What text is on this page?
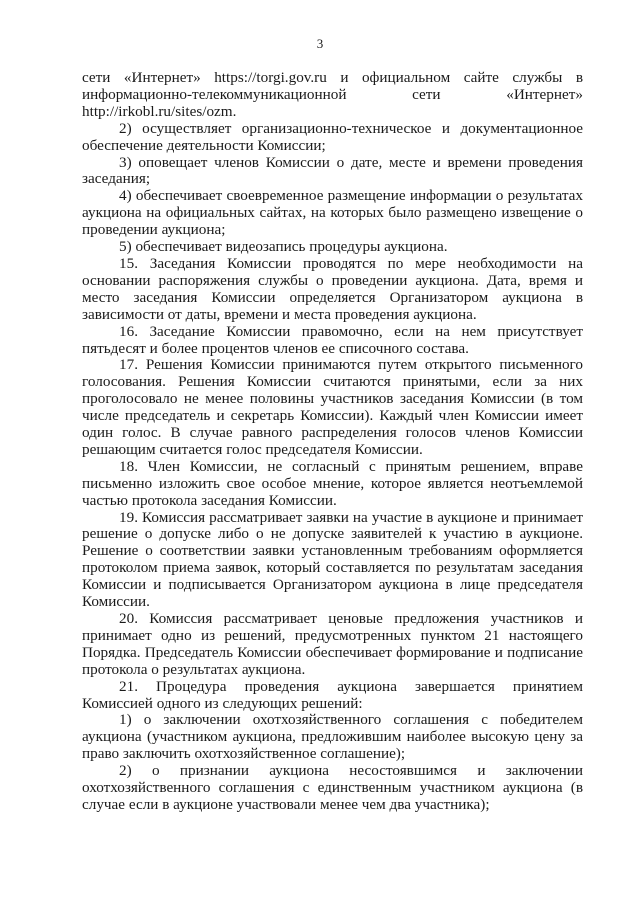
3

сети «Интернет» https://torgi.gov.ru и официальном сайте службы в информационно-телекоммуникационной сети «Интернет» http://irkobl.ru/sites/ozm.

2) осуществляет организационно-техническое и документационное обеспечение деятельности Комиссии;

3) оповещает членов Комиссии о дате, месте и времени проведения заседания;

4) обеспечивает своевременное размещение информации о результатах аукциона на официальных сайтах, на которых было размещено извещение о проведении аукциона;

5) обеспечивает видеозапись процедуры аукциона.

15. Заседания Комиссии проводятся по мере необходимости на основании распоряжения службы о проведении аукциона. Дата, время и место заседания Комиссии определяется Организатором аукциона в зависимости от даты, времени и места проведения аукциона.

16. Заседание Комиссии правомочно, если на нем присутствует пятьдесят и более процентов членов ее списочного состава.

17. Решения Комиссии принимаются путем открытого письменного голосования. Решения Комиссии считаются принятыми, если за них проголосовало не менее половины участников заседания Комиссии (в том числе председатель и секретарь Комиссии). Каждый член Комиссии имеет один голос. В случае равного распределения голосов членов Комиссии решающим считается голос председателя Комиссии.

18. Член Комиссии, не согласный с принятым решением, вправе письменно изложить свое особое мнение, которое является неотъемлемой частью протокола заседания Комиссии.

19. Комиссия рассматривает заявки на участие в аукционе и принимает решение о допуске либо о не допуске заявителей к участию в аукционе. Решение о соответствии заявки установленным требованиям оформляется протоколом приема заявок, который составляется по результатам заседания Комиссии и подписывается Организатором аукциона в лице председателя Комиссии.

20. Комиссия рассматривает ценовые предложения участников и принимает одно из решений, предусмотренных пунктом 21 настоящего Порядка. Председатель Комиссии обеспечивает формирование и подписание протокола о результатах аукциона.

21. Процедура проведения аукциона завершается принятием Комиссией одного из следующих решений:

1) о заключении охотхозяйственного соглашения с победителем аукциона (участником аукциона, предложившим наиболее высокую цену за право заключить охотхозяйственное соглашение);

2) о признании аукциона несостоявшимся и заключении охотхозяйственного соглашения с единственным участником аукциона (в случае если в аукционе участвовали менее чем два участника);
